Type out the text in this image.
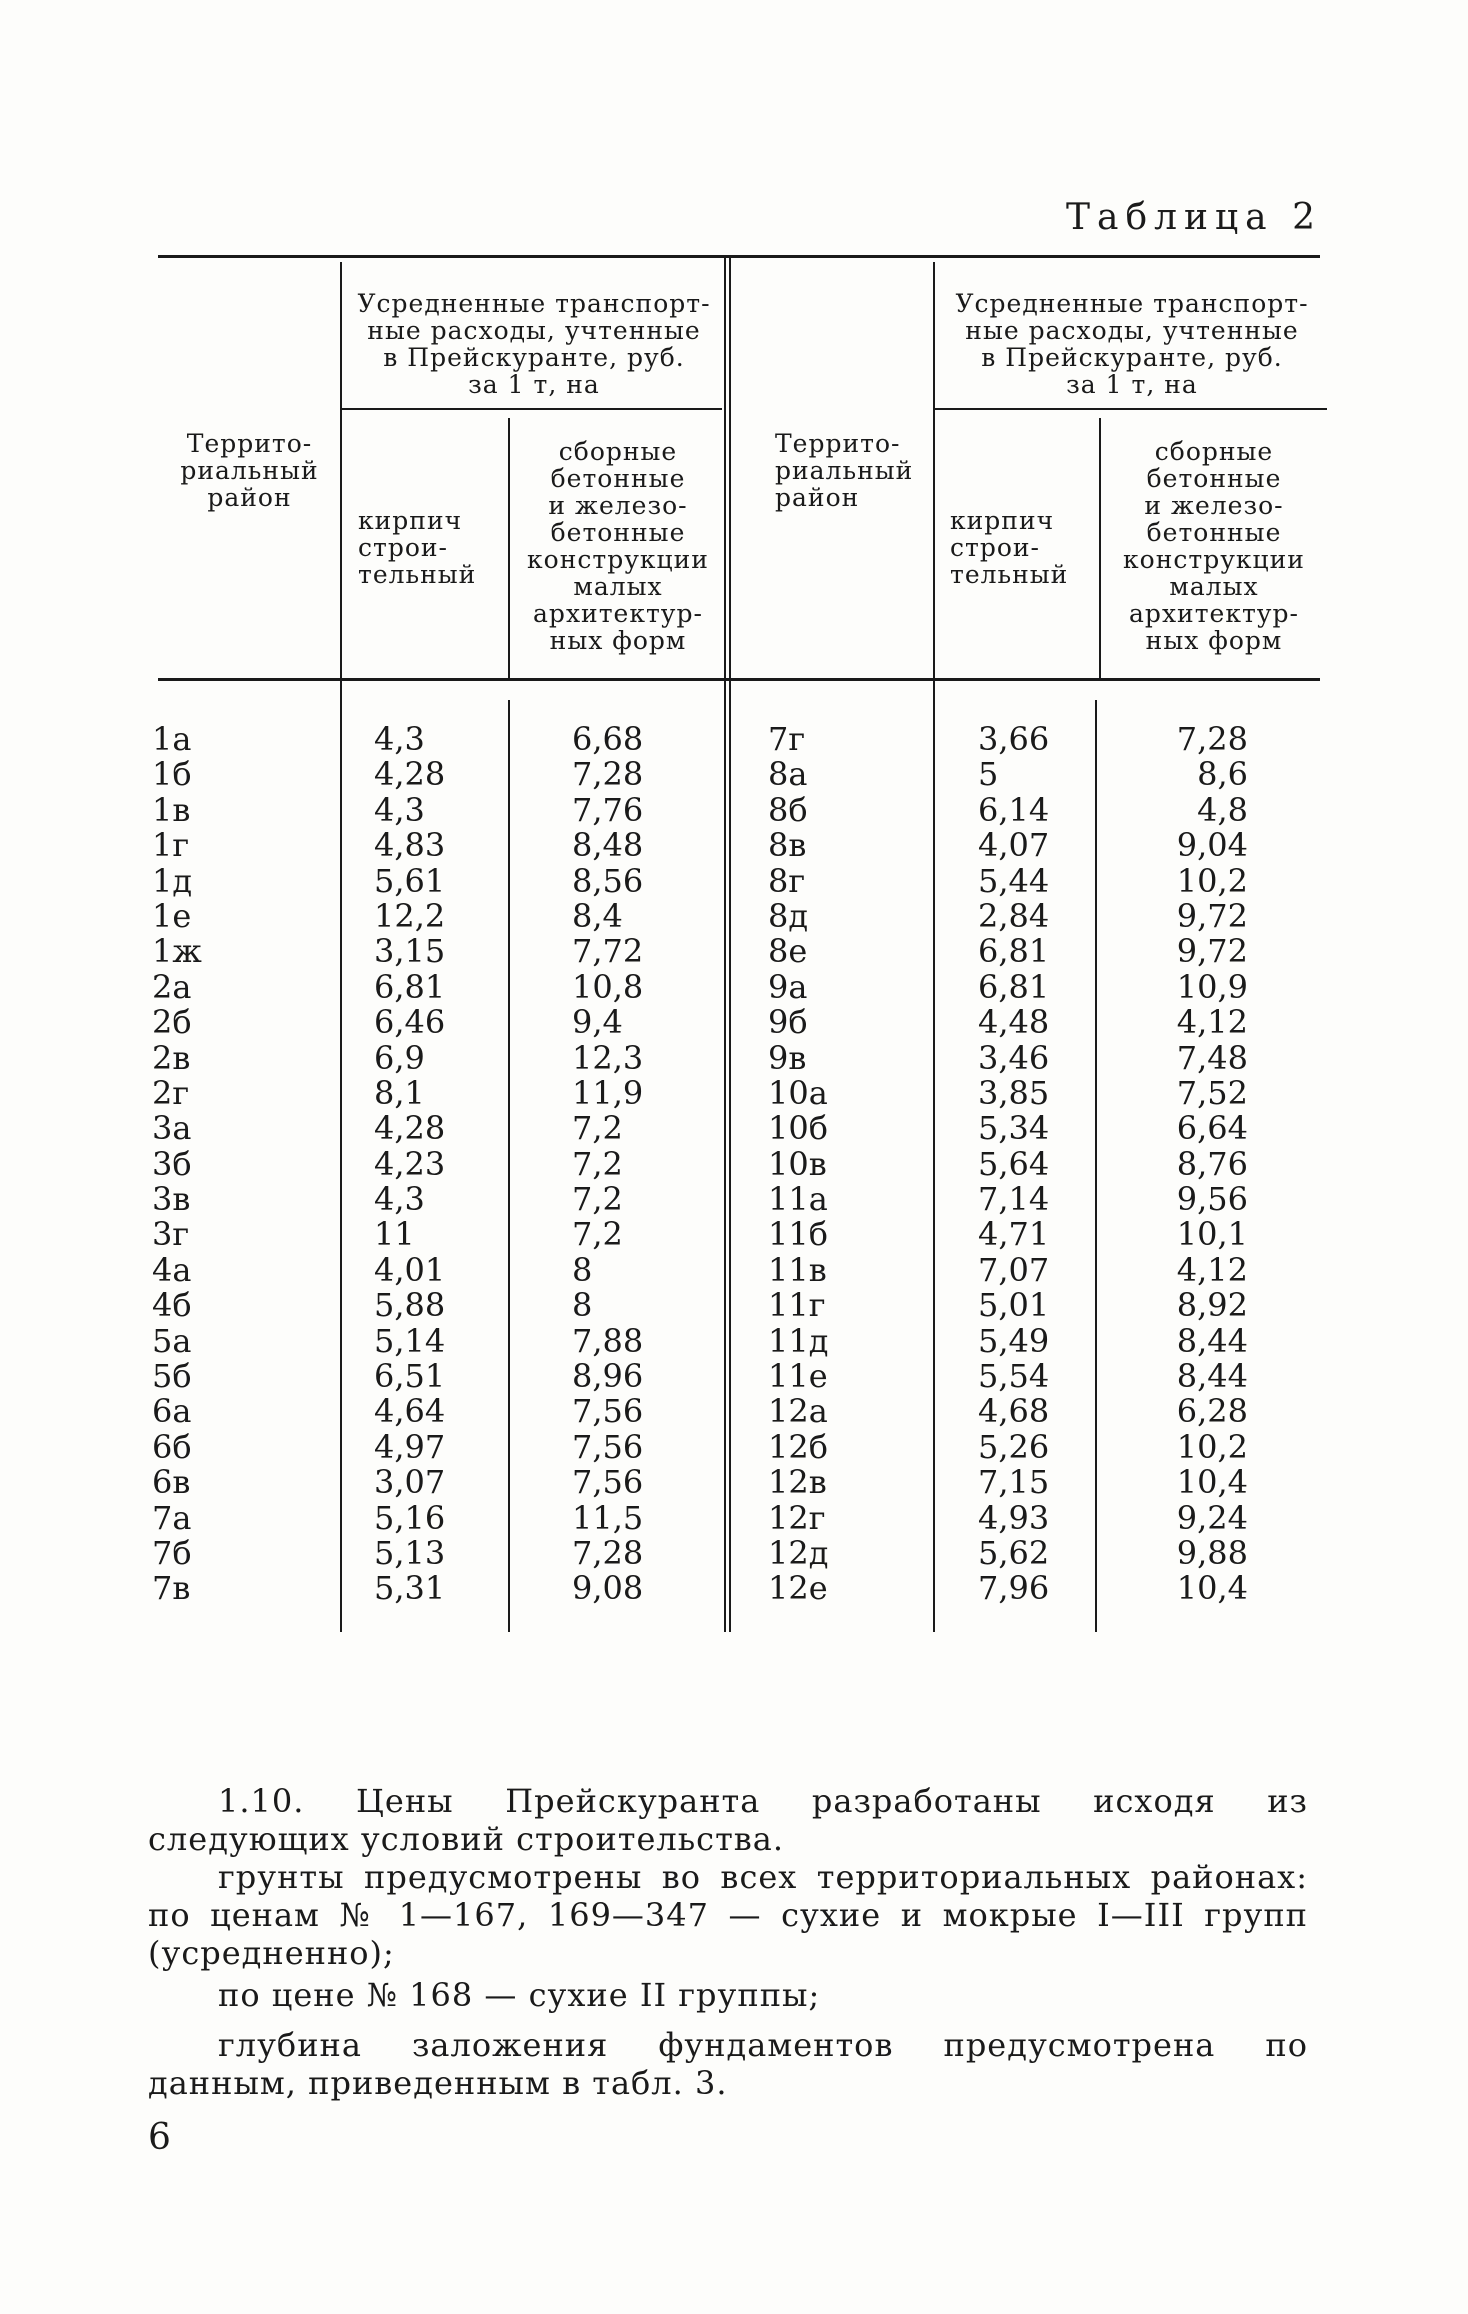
Таблица 2
Террито-
риальный
район
Усредненные транспорт-
ные расходы, учтенные
в Прейскуранте, руб.
за 1 т, на
кирпич
строи-
тельный
сборные
бетонные
и железо-
бетонные
конструкции
малых
архитектур-
ных форм
Террито-
риальный
район
Усредненные транспорт-
ные расходы, учтенные
в Прейскуранте, руб.
за 1 т, на
кирпич
строи-
тельный
сборные
бетонные
и железо-
бетонные
конструкции
малых
архитектур-
ных форм
1а
1б
1в
1г
1д
1е
1ж
2а
2б
2в
2г
3а
3б
3в
3г
4а
4б
5а
5б
6а
6б
6в
7а
7б
7в
4,3
4,28
4,3
4,83
5,61
12,2
3,15
6,81
6,46
6,9
8,1
4,28
4,23
4,3
11
4,01
5,88
5,14
6,51
4,64
4,97
3,07
5,16
5,13
5,31
6,68
7,28
7,76
8,48
8,56
8,4
7,72
10,8
9,4
12,3
11,9
7,2
7,2
7,2
7,2
8
8
7,88
8,96
7,56
7,56
7,56
11,5
7,28
9,08
7г
8а
8б
8в
8г
8д
8е
9а
9б
9в
10а
10б
10в
11а
11б
11в
11г
11д
11е
12а
12б
12в
12г
12д
12е
3,66
5
6,14
4,07
5,44
2,84
6,81
6,81
4,48
3,46
3,85
5,34
5,64
7,14
4,71
7,07
5,01
5,49
5,54
4,68
5,26
7,15
4,93
5,62
7,96
7,28
8,6
4,8
9,04
10,2
9,72
9,72
10,9
4,12
7,48
7,52
6,64
8,76
9,56
10,1
4,12
8,92
8,44
8,44
6,28
10,2
10,4
9,24
9,88
10,4
1.10. Цены Прейскуранта разработаны исходя из следующих условий строительства.
грунты предусмотрены во всех территориальных районах: по ценам № 1—167, 169—347 — сухие и мокрые I—III групп (усредненно);
по цене № 168 — сухие II группы;
глубина заложения фундаментов предусмотрена по данным, приведенным в табл. 3.
6
